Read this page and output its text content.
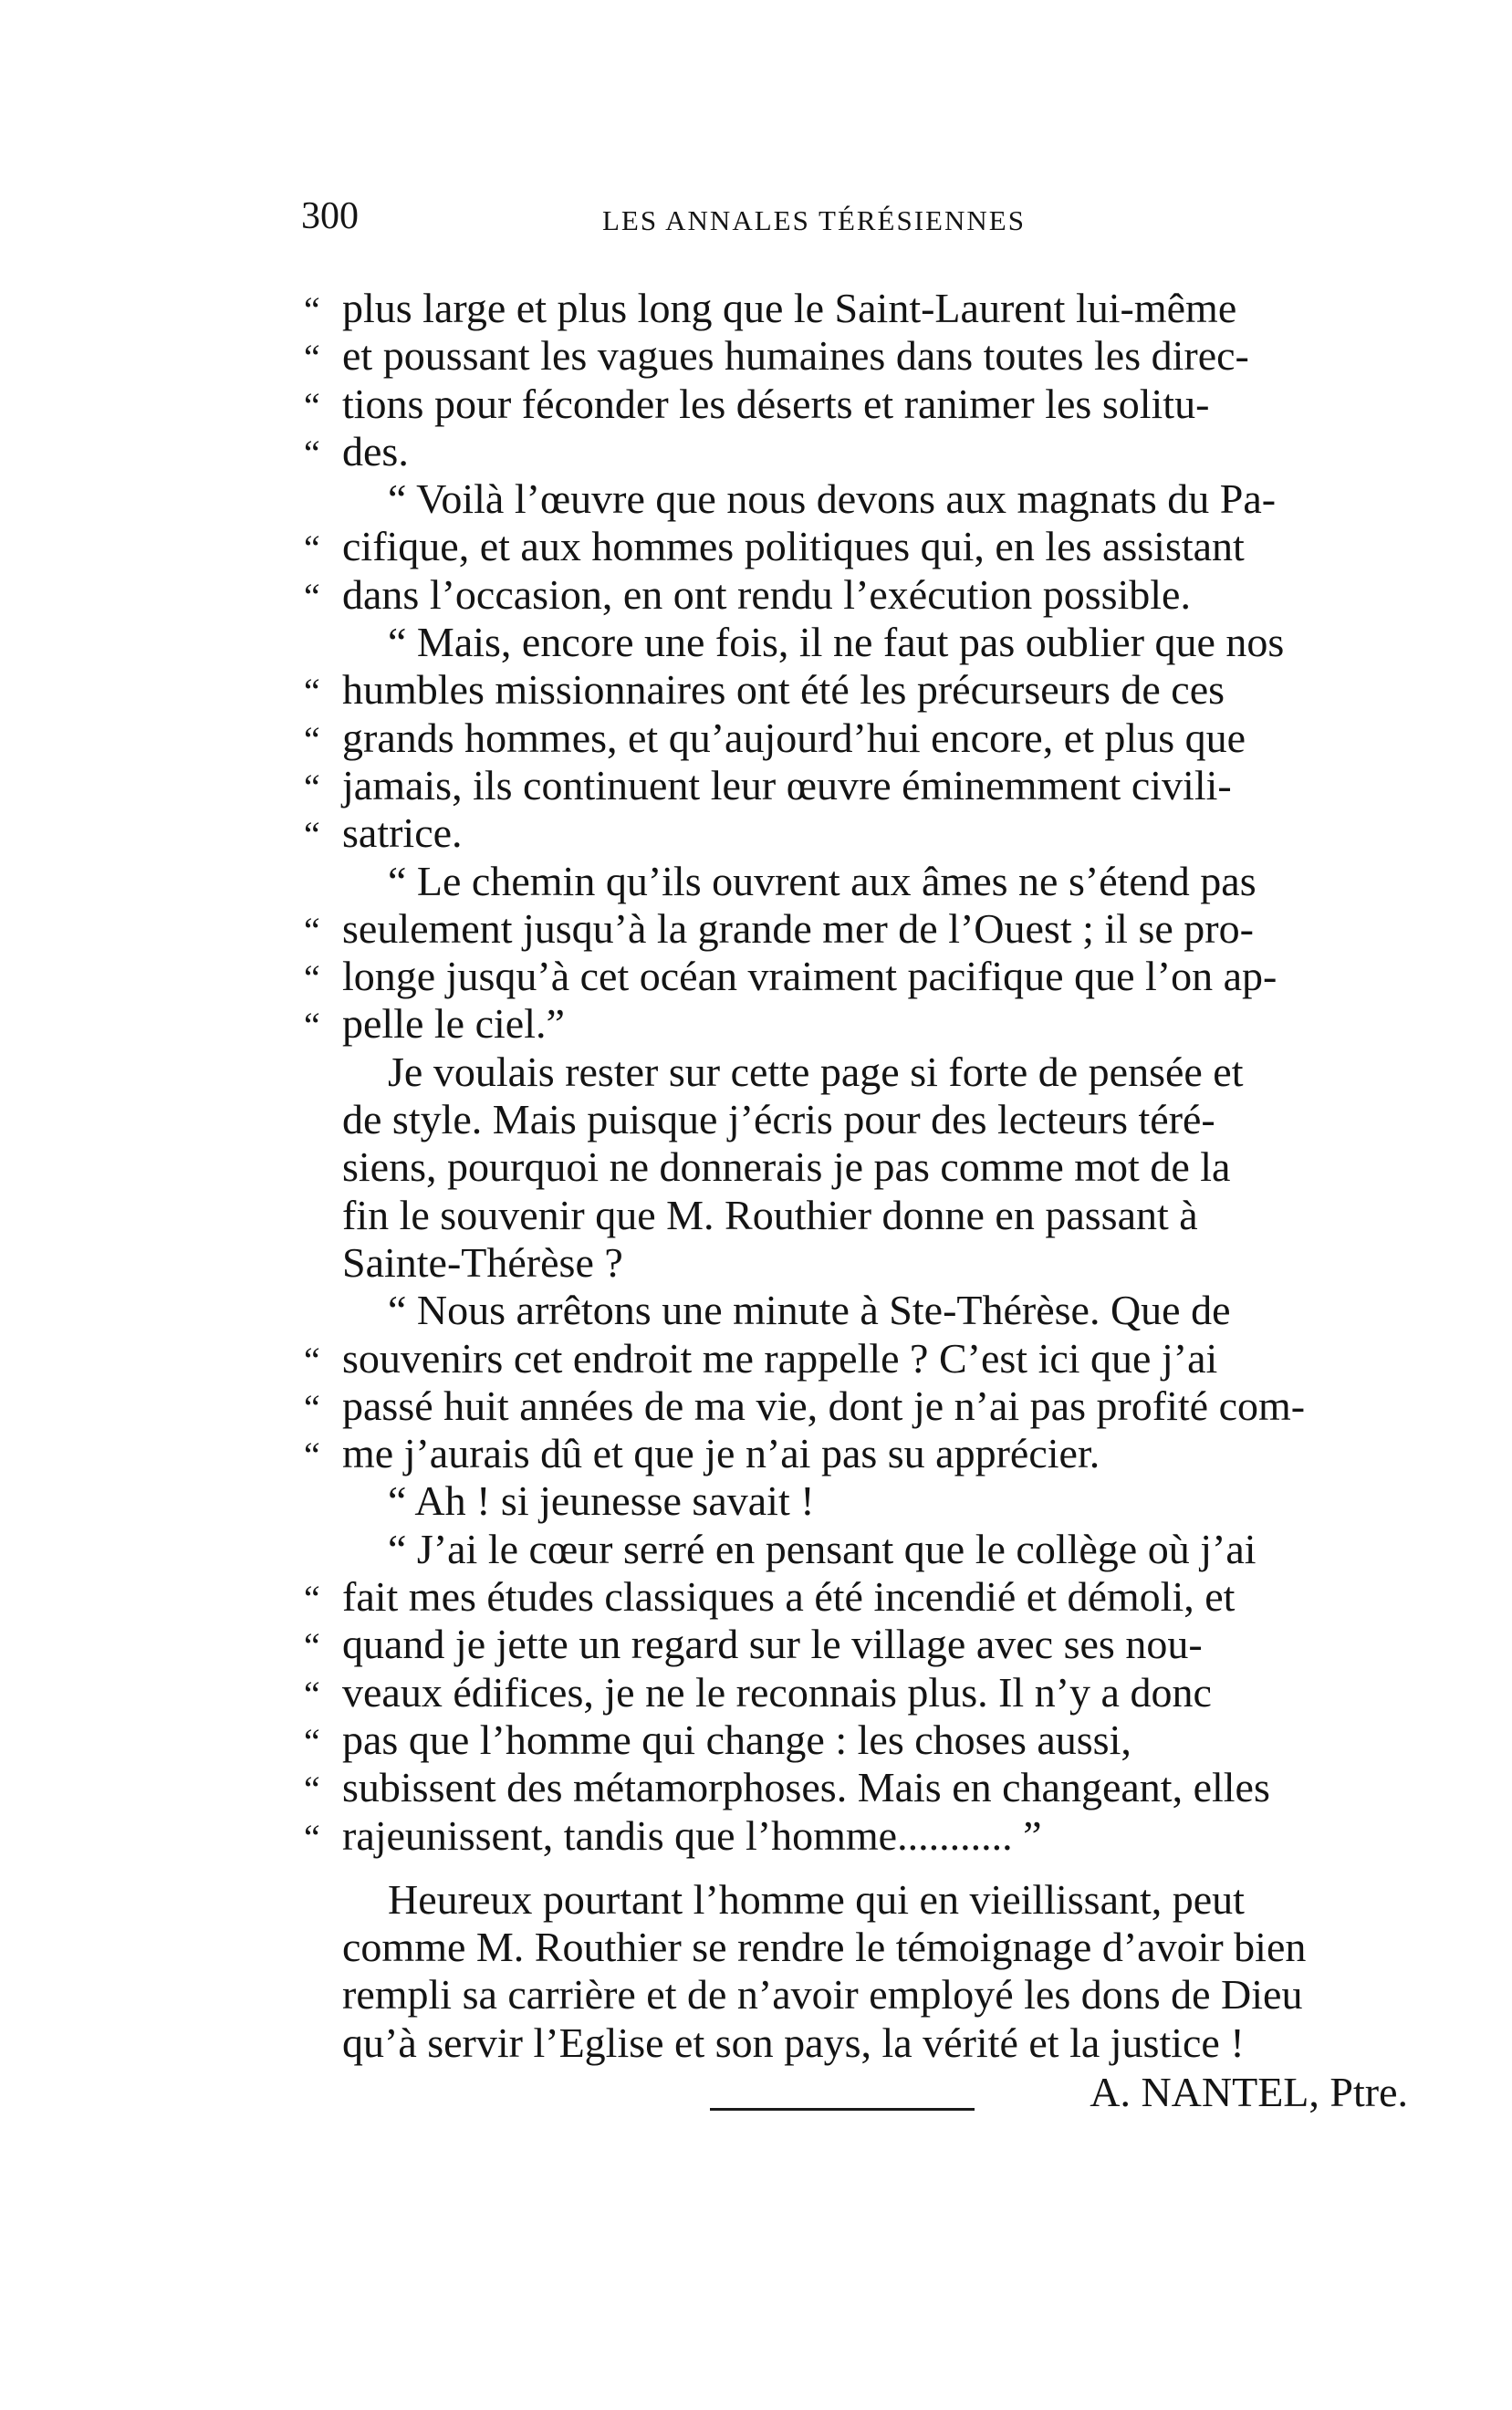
300	LES ANNALES TÉRÉSIENNES
“ plus large et plus long que le Saint-Laurent lui-même
“ et poussant les vagues humaines dans toutes les direc-
“ tions pour féconder les déserts et ranimer les solitu-
“ des.
“ Voilà l’œuvre que nous devons aux magnats du Pa-
“ cifique, et aux hommes politiques qui, en les assistant
“ dans l’occasion, en ont rendu l’exécution possible.
“ Mais, encore une fois, il ne faut pas oublier que nos
“ humbles missionnaires ont été les précurseurs de ces
“ grands hommes, et qu’aujourd’hui encore, et plus que
“ jamais, ils continuent leur œuvre éminemment civili-
“ satrice.
“ Le chemin qu’ils ouvrent aux âmes ne s’étend pas
“ seulement jusqu’à la grande mer de l’Ouest ; il se pro-
“ longe jusqu’à cet océan vraiment pacifique que l’on ap-
“ pelle le ciel.”
Je voulais rester sur cette page si forte de pensée et
de style. Mais puisque j’écris pour des lecteurs téré-
siens, pourquoi ne donnerais je pas comme mot de la
fin le souvenir que M. Routhier donne en passant à
Sainte-Thérèse ?
“ Nous arrêtons une minute à Ste-Thérèse. Que de
“ souvenirs cet endroit me rappelle ? C’est ici que j’ai
“ passé huit années de ma vie, dont je n’ai pas profité com-
“ me j’aurais dû et que je n’ai pas su apprécier.
“ Ah ! si jeunesse savait !
“ J’ai le cœur serré en pensant que le collège où j’ai
“ fait mes études classiques a été incendié et démoli, et
“ quand je jette un regard sur le village avec ses nou-
“ veaux édifices, je ne le reconnais plus. Il n’y a donc
“ pas que l’homme qui change : les choses aussi,
“ subissent des métamorphoses. Mais en changeant, elles
“ rajeunissent, tandis que l’homme........... ”
Heureux pourtant l’homme qui en vieillissant, peut
comme M. Routhier se rendre le témoignage d’avoir bien
rempli sa carrière et de n’avoir employé les dons de Dieu
qu’à servir l’Eglise et son pays, la vérité et la justice !
A. NANTEL, Ptre.
